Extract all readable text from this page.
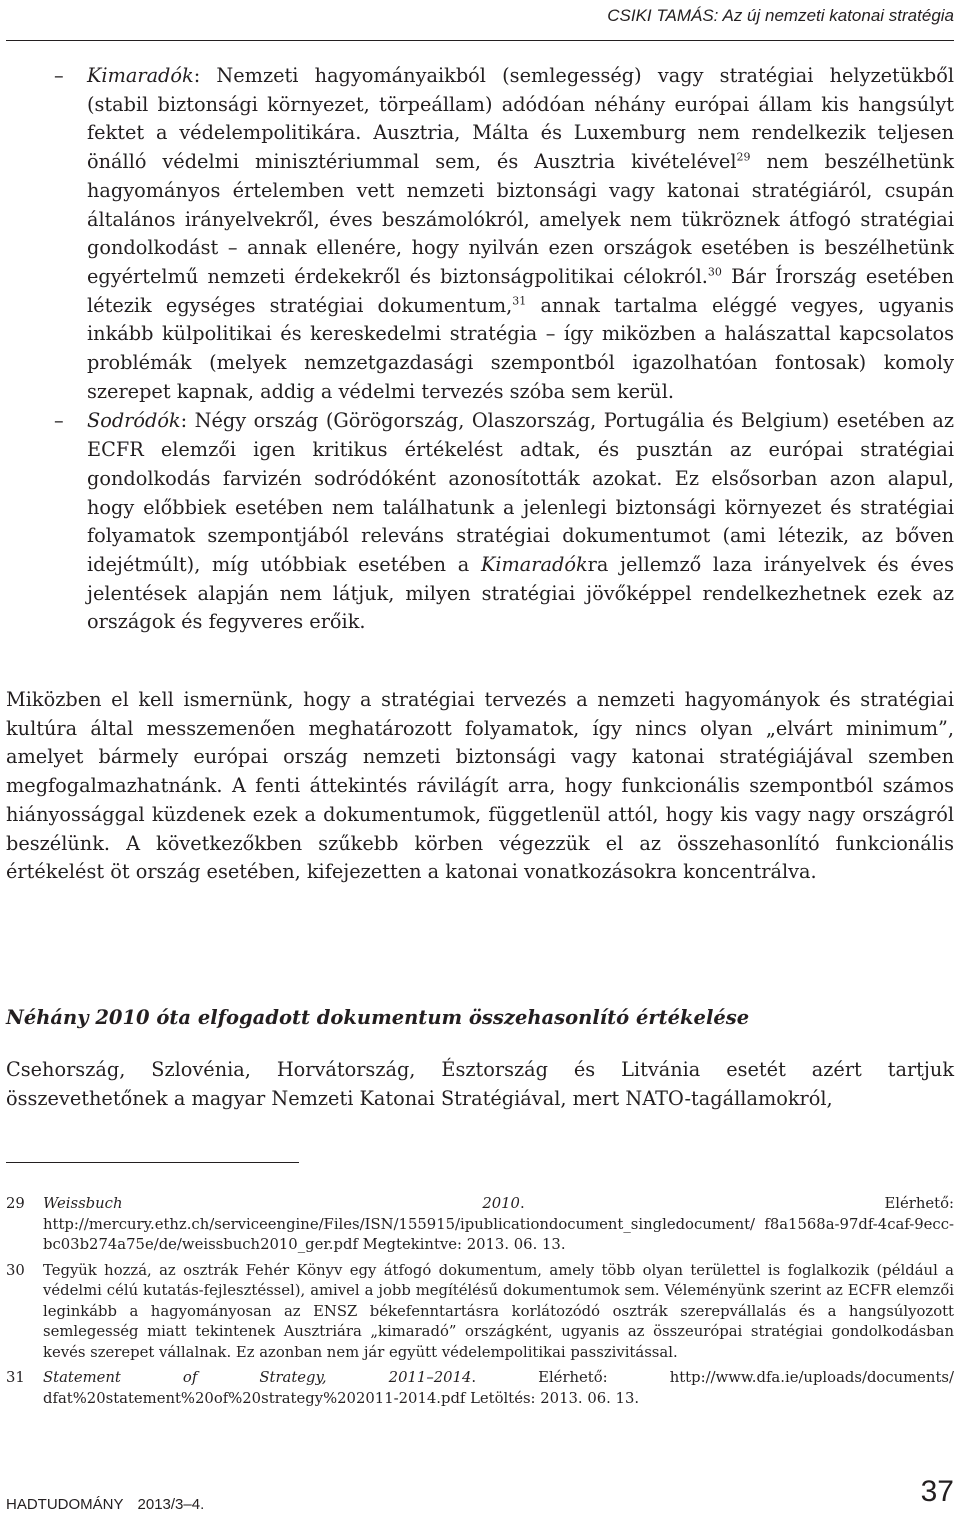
CSIKI TAMÁS: Az új nemzeti katonai stratégia

– Kimaradók: Nemzeti hagyományaikból (semlegesség) vagy stratégiai helyzetükből (stabil biztonsági környezet, törpeállam) adódóan néhány európai állam kis hangsúlyt fektet a védelempolitikára. Ausztria, Málta és Luxemburg nem rendelkezik teljesen önálló védelmi minisztériummal sem, és Ausztria kivételével$^{29}$ nem beszélhetünk hagyományos értelemben vett nemzeti biztonsági vagy katonai stratégiáról, csupán általános irányelvekről, éves beszámolókról, amelyek nem tükröznek átfogó stratégiai gondolkodást – annak ellenére, hogy nyilván ezen országok esetében is beszélhetünk egyértelmű nemzeti érdekekről és biztonságpolitikai célokról.$^{30}$ Bár Írország esetében létezik egységes stratégiai dokumentum,$^{31}$ annak tartalma eléggé vegyes, ugyanis inkább külpolitikai és kereskedelmi stratégia – így miközben a halászattal kapcsolatos problémák (melyek nemzetgazdasági szempontból igazolhatóan fontosak) komoly szerepet kapnak, addig a védelmi tervezés szóba sem kerül.

– Sodródók: Négy ország (Görögország, Olaszország, Portugália és Belgium) esetében az ECFR elemzői igen kritikus értékelést adtak, és pusztán az európai stratégiai gondolkodás farvizén sodródóként azonosították azokat. Ez elsősorban azon alapul, hogy előbbiek esetében nem találhatunk a jelenlegi biztonsági környezet és stratégiai folyamatok szempontjából releváns stratégiai dokumentumot (ami létezik, az bőven idejétmúlt), míg utóbbiak esetében a Kimaradókra jellemző laza irányelvek és éves jelentések alapján nem látjuk, milyen stratégiai jövőképpel rendelkezhetnek ezek az országok és fegyveres erőik.

Miközben el kell ismernünk, hogy a stratégiai tervezés a nemzeti hagyományok és stratégiai kultúra által messzemenően meghatározott folyamatok, így nincs olyan „elvárt minimum”, amelyet bármely európai ország nemzeti biztonsági vagy katonai stratégiájával szemben megfogalmazhatnánk. A fenti áttekintés rávilágít arra, hogy funkcionális szempontból számos hiányossággal küzdenek ezek a dokumentumok, függetlenül attól, hogy kis vagy nagy országról beszélünk. A következőkben szűkebb körben végezzük el az összehasonlító funkcionális értékelést öt ország esetében, kifejezetten a katonai vonatkozásokra koncentrálva.

Néhány 2010 óta elfogadott dokumentum összehasonlító értékelése

Csehország, Szlovénia, Horvátország, Észtország és Litvánia esetét azért tartjuk összevethetőnek a magyar Nemzeti Katonai Stratégiával, mert NATO-tagállamokról,

29 Weissbuch 2010. Elérhető: http://mercury.ethz.ch/serviceengine/Files/ISN/155915/ipublicationdocument_singledocument/ f8a1568a-97df-4caf-9ecc-bc03b274a75e/de/weissbuch2010_ger.pdf Megtekintve: 2013. 06. 13.

30 Tegyük hozzá, az osztrák Fehér Könyv egy átfogó dokumentum, amely több olyan területtel is foglalkozik (például a védelmi célú kutatás-fejlesztéssel), amivel a jobb megítélésű dokumentumok sem. Véleményünk szerint az ECFR elemzői leginkább a hagyományosan az ENSZ békefenntartásra korlátozódó osztrák szerepvállalás és a hangsúlyozott semlegesség miatt tekintenek Ausztriára „kimaradó” országként, ugyanis az összeurópai stratégiai gondolkodásban kevés szerepet vállalnak. Ez azonban nem jár együtt védelempolitikai passzivitással.

31 Statement of Strategy, 2011–2014. Elérhető: http://www.dfa.ie/uploads/documents/ dfat%20statement%20of%20strategy%202011-2014.pdf Letöltés: 2013. 06. 13.

HADTUDOMÁNY 2013/3–4.	37
